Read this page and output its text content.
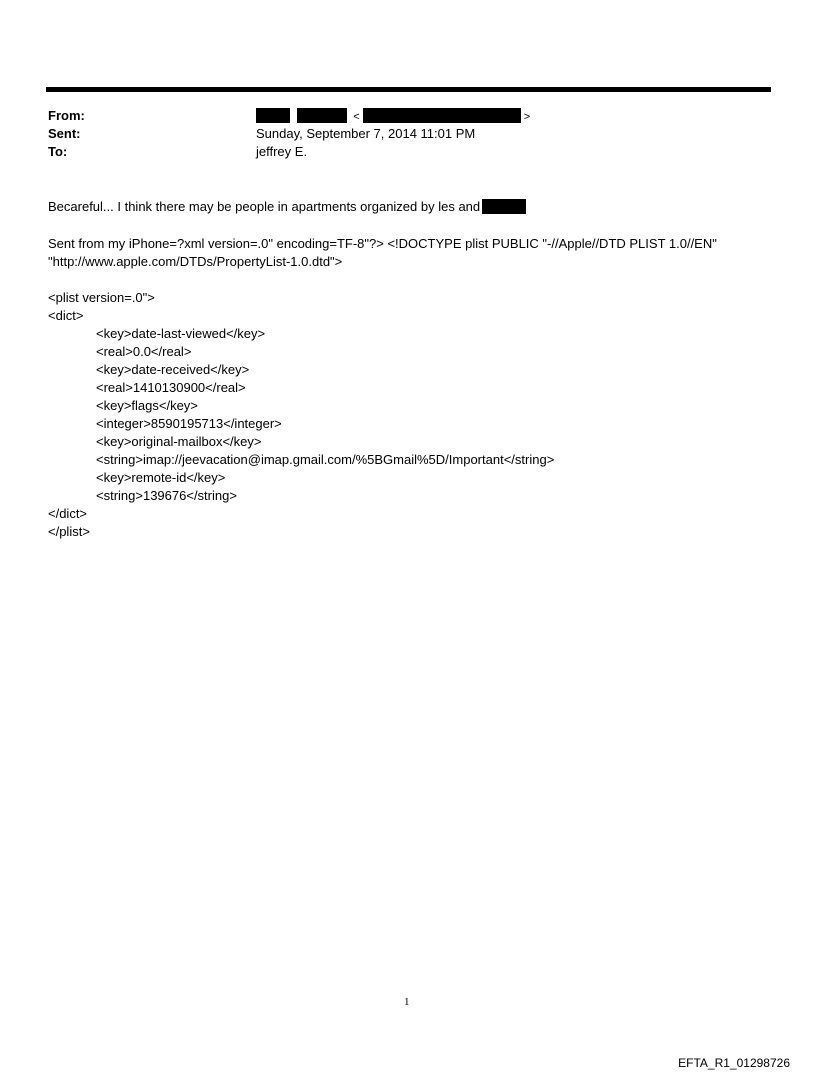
From:
Sent:
To:
<	>
Sunday, September 7, 2014 11:01 PM
jeffrey E.
Becareful... I think there may be people in apartments organized by les and
Sent from my iPhone=?xml version=.0" encoding=TF-8"?> <!DOCTYPE plist PUBLIC "-//Apple//DTD PLIST 1.0//EN"
"http://www.apple.com/DTDs/PropertyList-1.0.dtd">
<plist version=.0">
<dict>
<key>date-last-viewed</key>
<real>0.0</real>
<key>date-received</key>
<real>1410130900</real>
<key>flags</key>
<integer>8590195713</integer>
<key>original-mailbox</key>
<string>imap://jeevacation@imap.gmail.com/%5BGmail%5D/Important</string>
<key>remote-id</key>
<string>139676</string>
</dict>
</plist>
1
EFTA_R1_01298726
